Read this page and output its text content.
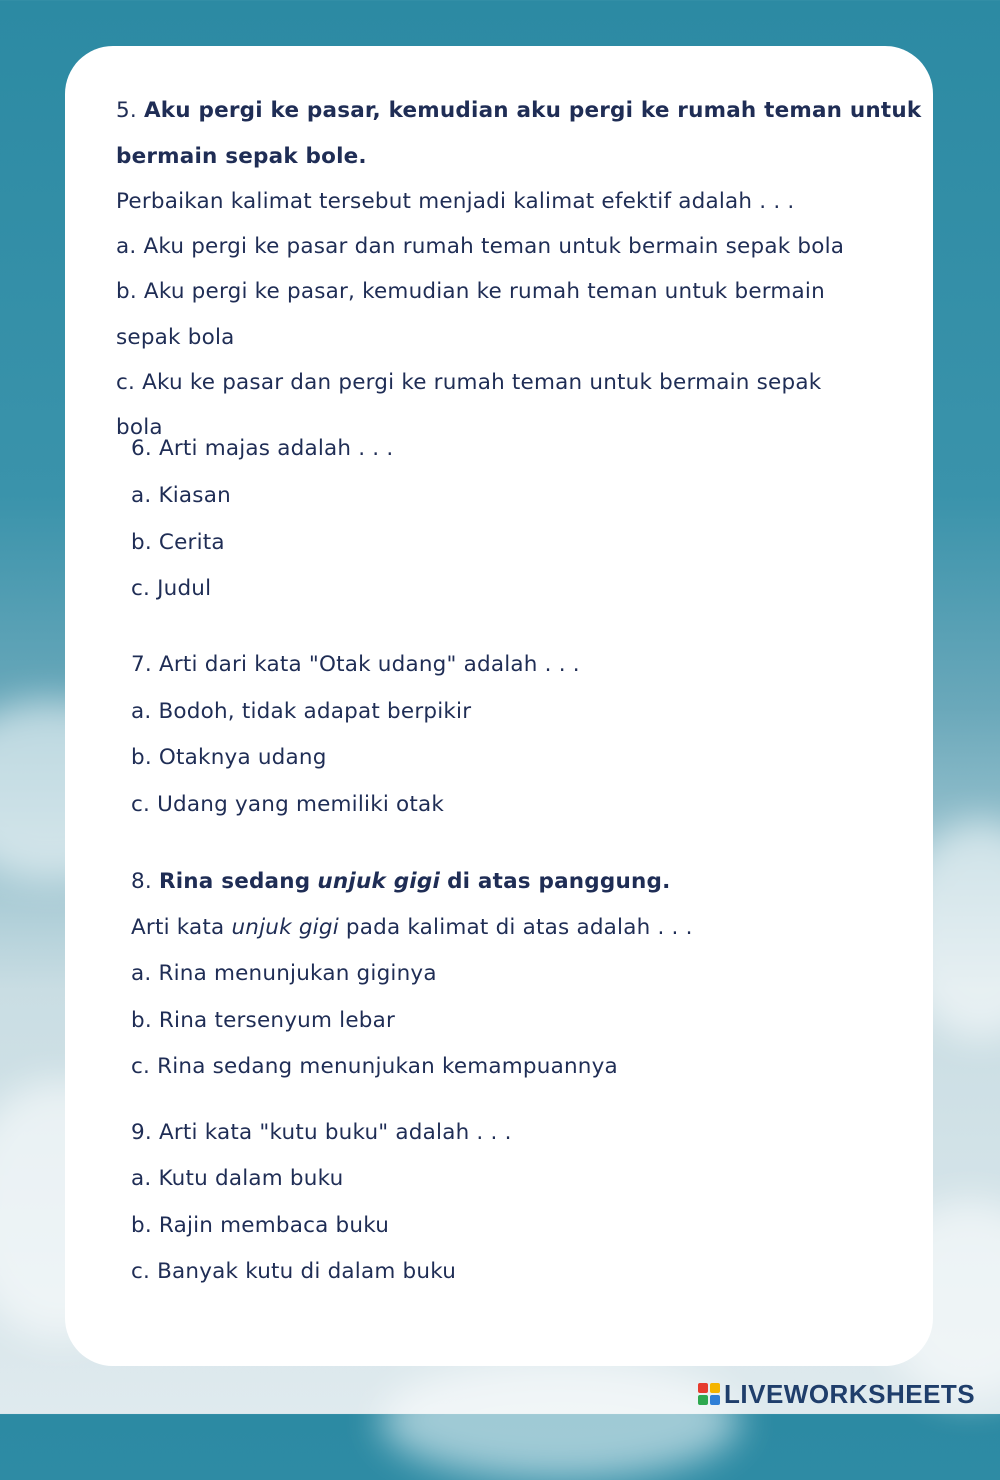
5. Aku pergi ke pasar, kemudian aku pergi ke rumah teman untuk
bermain sepak bole.
Perbaikan kalimat tersebut menjadi kalimat efektif adalah . . .
a. Aku pergi ke pasar dan rumah teman untuk bermain sepak bola
b. Aku pergi ke pasar, kemudian ke rumah teman untuk bermain
sepak bola
c. Aku ke pasar dan pergi ke rumah teman untuk bermain sepak
bola
6. Arti majas adalah . . .
a. Kiasan
b. Cerita
c. Judul
7. Arti dari kata "Otak udang" adalah . . .
a. Bodoh, tidak adapat berpikir
b. Otaknya udang
c. Udang yang memiliki otak
8. Rina sedang unjuk gigi di atas panggung.
Arti kata unjuk gigi pada kalimat di atas adalah . . .
a. Rina menunjukan giginya
b. Rina tersenyum lebar
c. Rina sedang menunjukan kemampuannya
9. Arti kata "kutu buku" adalah . . .
a. Kutu dalam buku
b. Rajin membaca buku
c. Banyak kutu di dalam buku
LIVEWORKSHEETS
